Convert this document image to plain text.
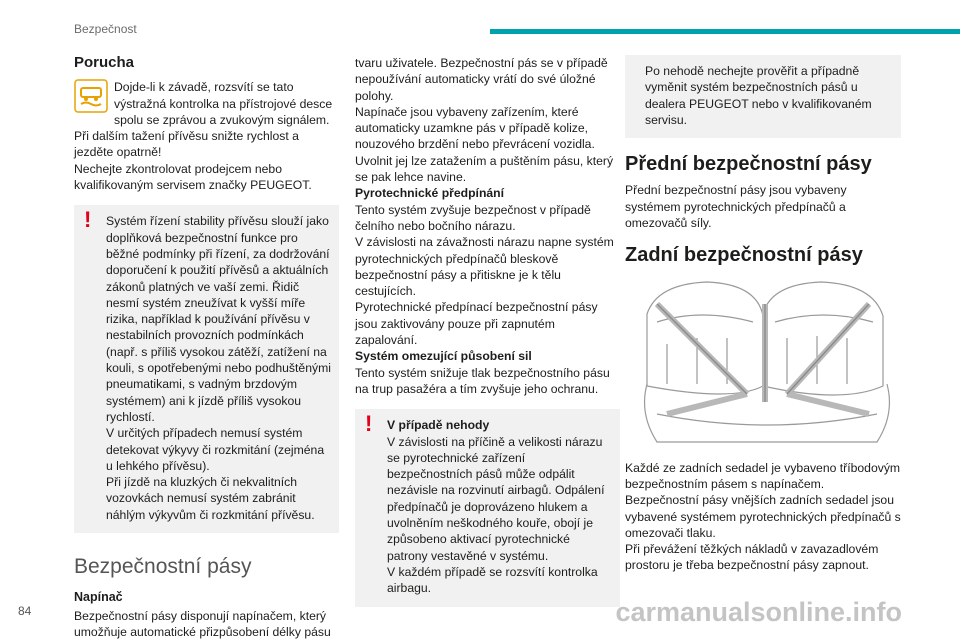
Bezpečnost

Porucha

Dojde-li k závadě, rozsvítí se tato výstražná kontrolka na přístrojové desce spolu se zprávou a zvukovým signálem.

Při dalším tažení přívěsu snižte rychlost a jezděte opatrně!

Nechejte zkontrolovat prodejcem nebo kvalifikovaným servisem značky PEUGEOT.

! Systém řízení stability přívěsu slouží jako doplňková bezpečnostní funkce pro běžné podmínky při řízení, za dodržování doporučení k použití přívěsů a aktuálních zákonů platných ve vaší zemi. Řidič nesmí systém zneužívat k vyšší míře rizika, například k používání přívěsu v nestabilních provozních podmínkách (např. s příliš vysokou zátěží, zatížení na kouli, s opotřebenými nebo podhuštěnými pneumatikami, s vadným brzdovým systémem) ani k jízdě příliš vysokou rychlostí.

V určitých případech nemusí systém detekovat výkyvy či rozkmitání (zejména u lehkého přívěsu).

Při jízdě na kluzkých či nekvalitních vozovkách nemusí systém zabránit náhlým výkyvům či rozkmitání přívěsu.

Bezpečnostní pásy

Napínač

Bezpečnostní pásy disponují napínačem, který umožňuje automatické přizpůsobení délky pásu

tvaru uživatele. Bezpečnostní pás se v případě nepoužívání automaticky vrátí do své úložné polohy.

Napínače jsou vybaveny zařízením, které automaticky uzamkne pás v případě kolize, nouzového brzdění nebo převrácení vozidla. Uvolnit jej lze zatažením a puštěním pásu, který se pak lehce navine.

Pyrotechnické předpínání

Tento systém zvyšuje bezpečnost v případě čelního nebo bočního nárazu.

V závislosti na závažnosti nárazu napne systém pyrotechnických předpínačů bleskově bezpečnostní pásy a přitiskne je k tělu cestujících.

Pyrotechnické předpínací bezpečnostní pásy jsou zaktivovány pouze při zapnutém zapalování.

Systém omezující působení sil

Tento systém snižuje tlak bezpečnostního pásu na trup pasažéra a tím zvyšuje jeho ochranu.

! V případě nehody

V závislosti na příčině a velikosti nárazu se pyrotechnické zařízení bezpečnostních pásů může odpálit nezávisle na rozvinutí airbagů. Odpálení předpínačů je doprovázeno hlukem a uvolněním neškodného kouře, obojí je způsobeno aktivací pyrotechnické patrony vestavěné v systému.

V každém případě se rozsvítí kontrolka airbagu.

Po nehodě nechejte prověřit a případně vyměnit systém bezpečnostních pásů u dealera PEUGEOT nebo v kvalifikovaném servisu.

Přední bezpečnostní pásy

Přední bezpečnostní pásy jsou vybaveny systémem pyrotechnických předpínačů a omezovačů síly.

Zadní bezpečnostní pásy

Každé ze zadních sedadel je vybaveno tříbodovým bezpečnostním pásem s napínačem.

Bezpečnostní pásy vnějších zadních sedadel jsou vybavené systémem pyrotechnických předpínačů s omezovači tlaku.

Při převážení těžkých nákladů v zavazadlovém prostoru je třeba bezpečnostní pásy zapnout.

84	carmanualsonline.info
